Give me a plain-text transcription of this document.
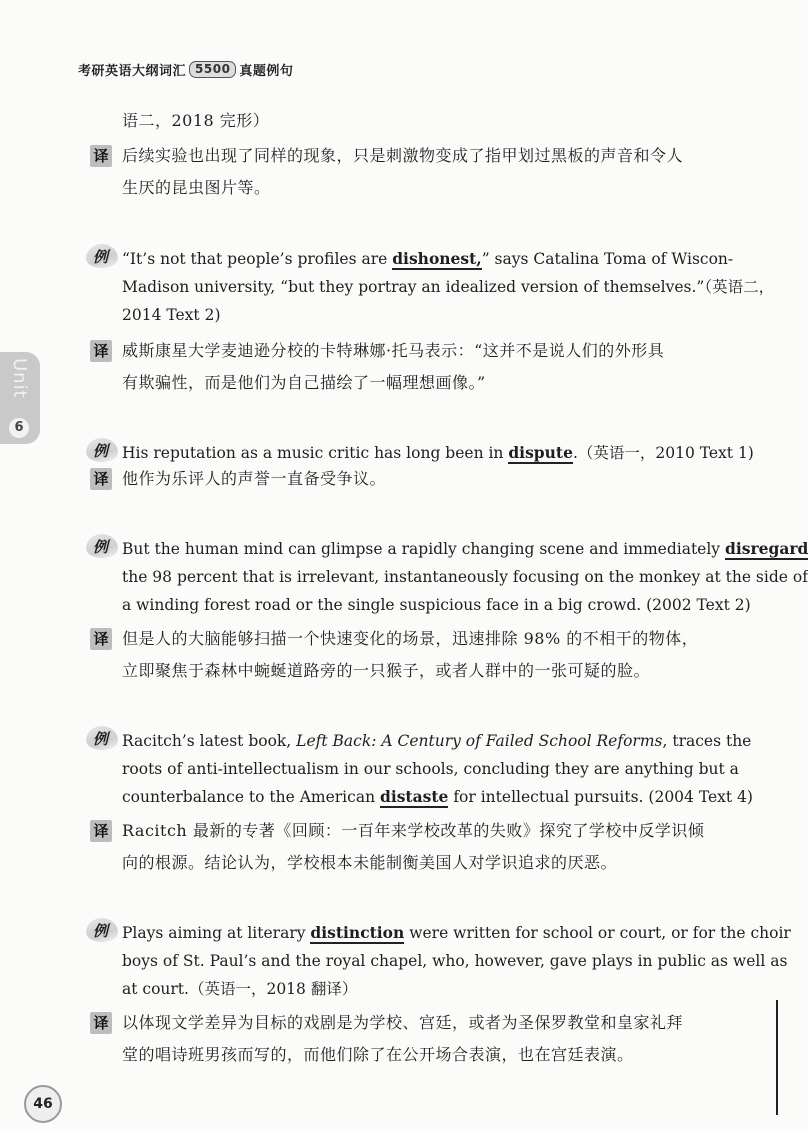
考研英语大纲词汇 5500 真题例句
Unit
6
语二，2018 完形）
译 后续实验也出现了同样的现象，只是刺激物变成了指甲划过黑板的声音和令人
生厌的昆虫图片等。
例 “It’s not that people’s profiles are dishonest,” says Catalina Toma of Wiscon-
Madison university, “but they portray an idealized version of themselves.”（英语二，
2014 Text 2)
译 威斯康星大学麦迪逊分校的卡特琳娜·托马表示：“这并不是说人们的外形具
有欺骗性，而是他们为自己描绘了一幅理想画像。”
例 His reputation as a music critic has long been in dispute.（英语一，2010 Text 1)
译 他作为乐评人的声誉一直备受争议。
例 But the human mind can glimpse a rapidly changing scene and immediately disregard
the 98 percent that is irrelevant, instantaneously focusing on the monkey at the side of
a winding forest road or the single suspicious face in a big crowd. (2002 Text 2)
译 但是人的大脑能够扫描一个快速变化的场景，迅速排除 98% 的不相干的物体，
立即聚焦于森林中蜿蜒道路旁的一只猴子，或者人群中的一张可疑的脸。
例 Racitch’s latest book, Left Back: A Century of Failed School Reforms, traces the
roots of anti-intellectualism in our schools, concluding they are anything but a
counterbalance to the American distaste for intellectual pursuits. (2004 Text 4)
译 Racitch 最新的专著《回顾：一百年来学校改革的失败》探究了学校中反学识倾
向的根源。结论认为，学校根本未能制衡美国人对学识追求的厌恶。
例 Plays aiming at literary distinction were written for school or court, or for the choir
boys of St. Paul’s and the royal chapel, who, however, gave plays in public as well as
at court.（英语一，2018 翻译）
译 以体现文学差异为目标的戏剧是为学校、宫廷，或者为圣保罗教堂和皇家礼拜
堂的唱诗班男孩而写的，而他们除了在公开场合表演，也在宫廷表演。
46
